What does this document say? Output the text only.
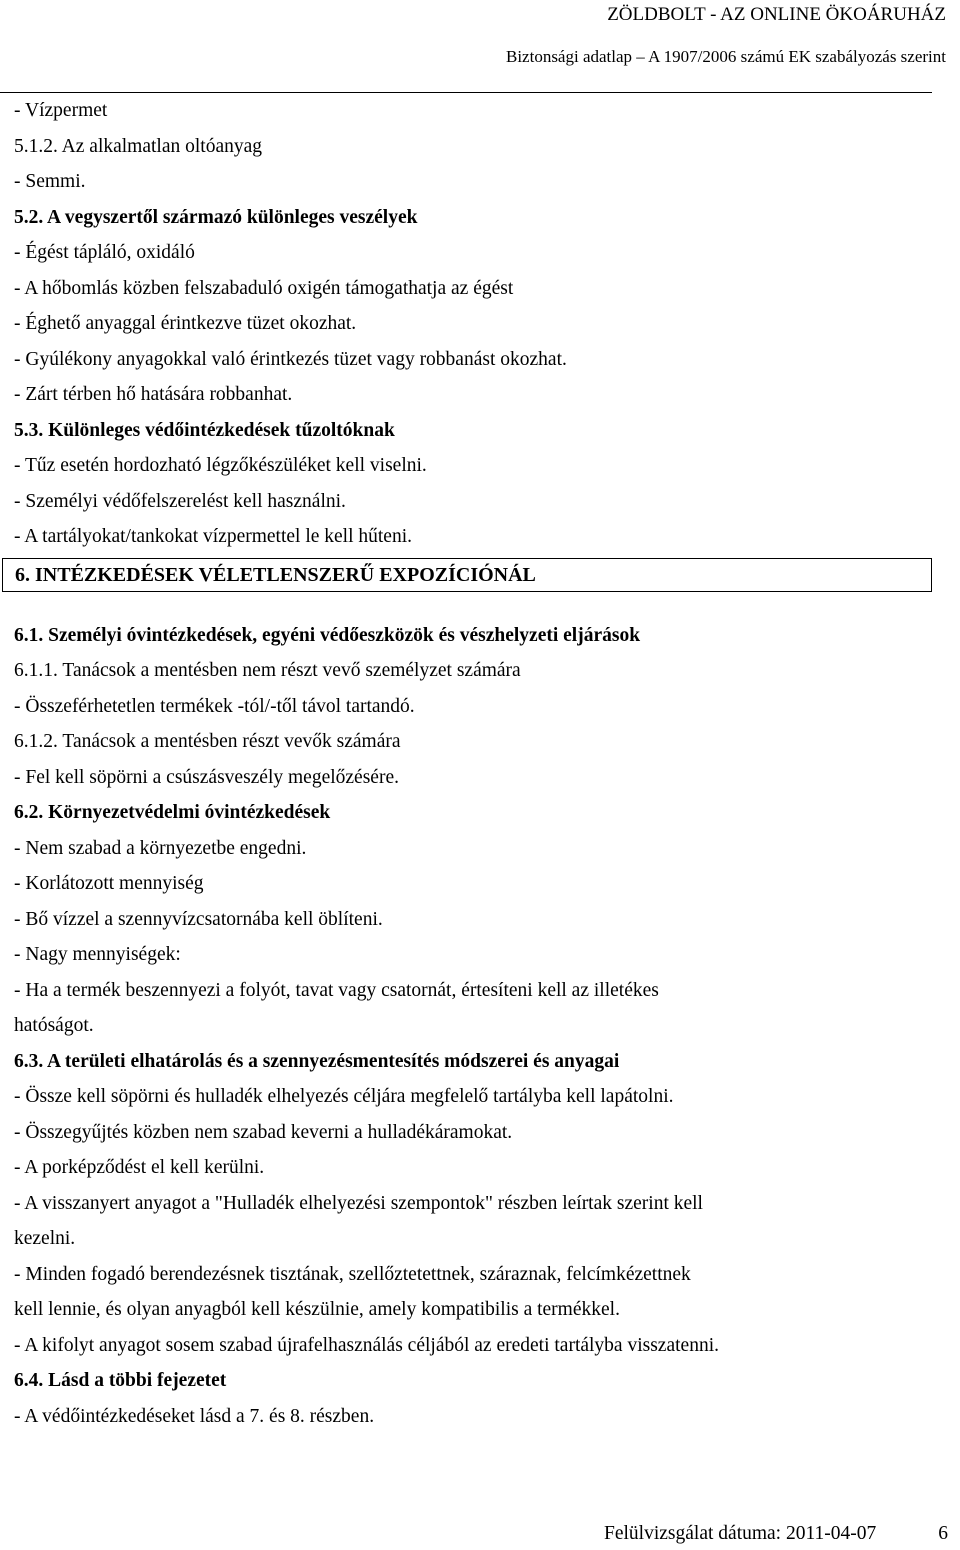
ZÖLDBOLT - AZ ONLINE ÖKOÁRUHÁZ
Biztonsági adatlap – A 1907/2006 számú EK szabályozás szerint
- Vízpermet
5.1.2. Az alkalmatlan oltóanyag
- Semmi.
5.2. A vegyszertől származó különleges veszélyek
- Égést tápláló, oxidáló
- A hőbomlás közben felszabaduló oxigén támogathatja az égést
- Éghető anyaggal érintkezve tüzet okozhat.
- Gyúlékony anyagokkal való érintkezés tüzet vagy robbanást okozhat.
- Zárt térben hő hatására robbanhat.
5.3. Különleges védőintézkedések tűzoltóknak
- Tűz esetén hordozható légzőkészüléket kell viselni.
- Személyi védőfelszerelést kell használni.
- A tartályokat/tankokat vízpermettel le kell hűteni.
6. INTÉZKEDÉSEK VÉLETLENSZERŰ EXPOZÍCIÓNÁL
6.1. Személyi óvintézkedések, egyéni védőeszközök és vészhelyzeti eljárások
6.1.1. Tanácsok a mentésben nem részt vevő személyzet számára
- Összeférhetetlen termékek -tól/-től távol tartandó.
6.1.2. Tanácsok a mentésben részt vevők számára
- Fel kell söpörni a csúszásveszély megelőzésére.
6.2. Környezetvédelmi óvintézkedések
- Nem szabad a környezetbe engedni.
- Korlátozott mennyiség
- Bő vízzel a szennyvízcsatornába kell öblíteni.
- Nagy mennyiségek:
- Ha a termék beszennyezi a folyót, tavat vagy csatornát, értesíteni kell az illetékes
hatóságot.
6.3. A területi elhatárolás és a szennyezésmentesítés módszerei és anyagai
- Össze kell söpörni és hulladék elhelyezés céljára megfelelő tartályba kell lapátolni.
- Összegyűjtés közben nem szabad keverni a hulladékáramokat.
- A porképződést el kell kerülni.
- A visszanyert anyagot a "Hulladék elhelyezési szempontok" részben leírtak szerint kell
kezelni.
- Minden fogadó berendezésnek tisztának, szellőztetettnek, száraznak, felcímkézettnek
kell lennie, és olyan anyagból kell készülnie, amely kompatibilis a termékkel.
- A kifolyt anyagot sosem szabad újrafelhasználás céljából az eredeti tartályba visszatenni.
6.4. Lásd a többi fejezetet
- A védőintézkedéseket lásd a 7. és 8. részben.
Felülvizsgálat dátuma: 2011-04-07	6
